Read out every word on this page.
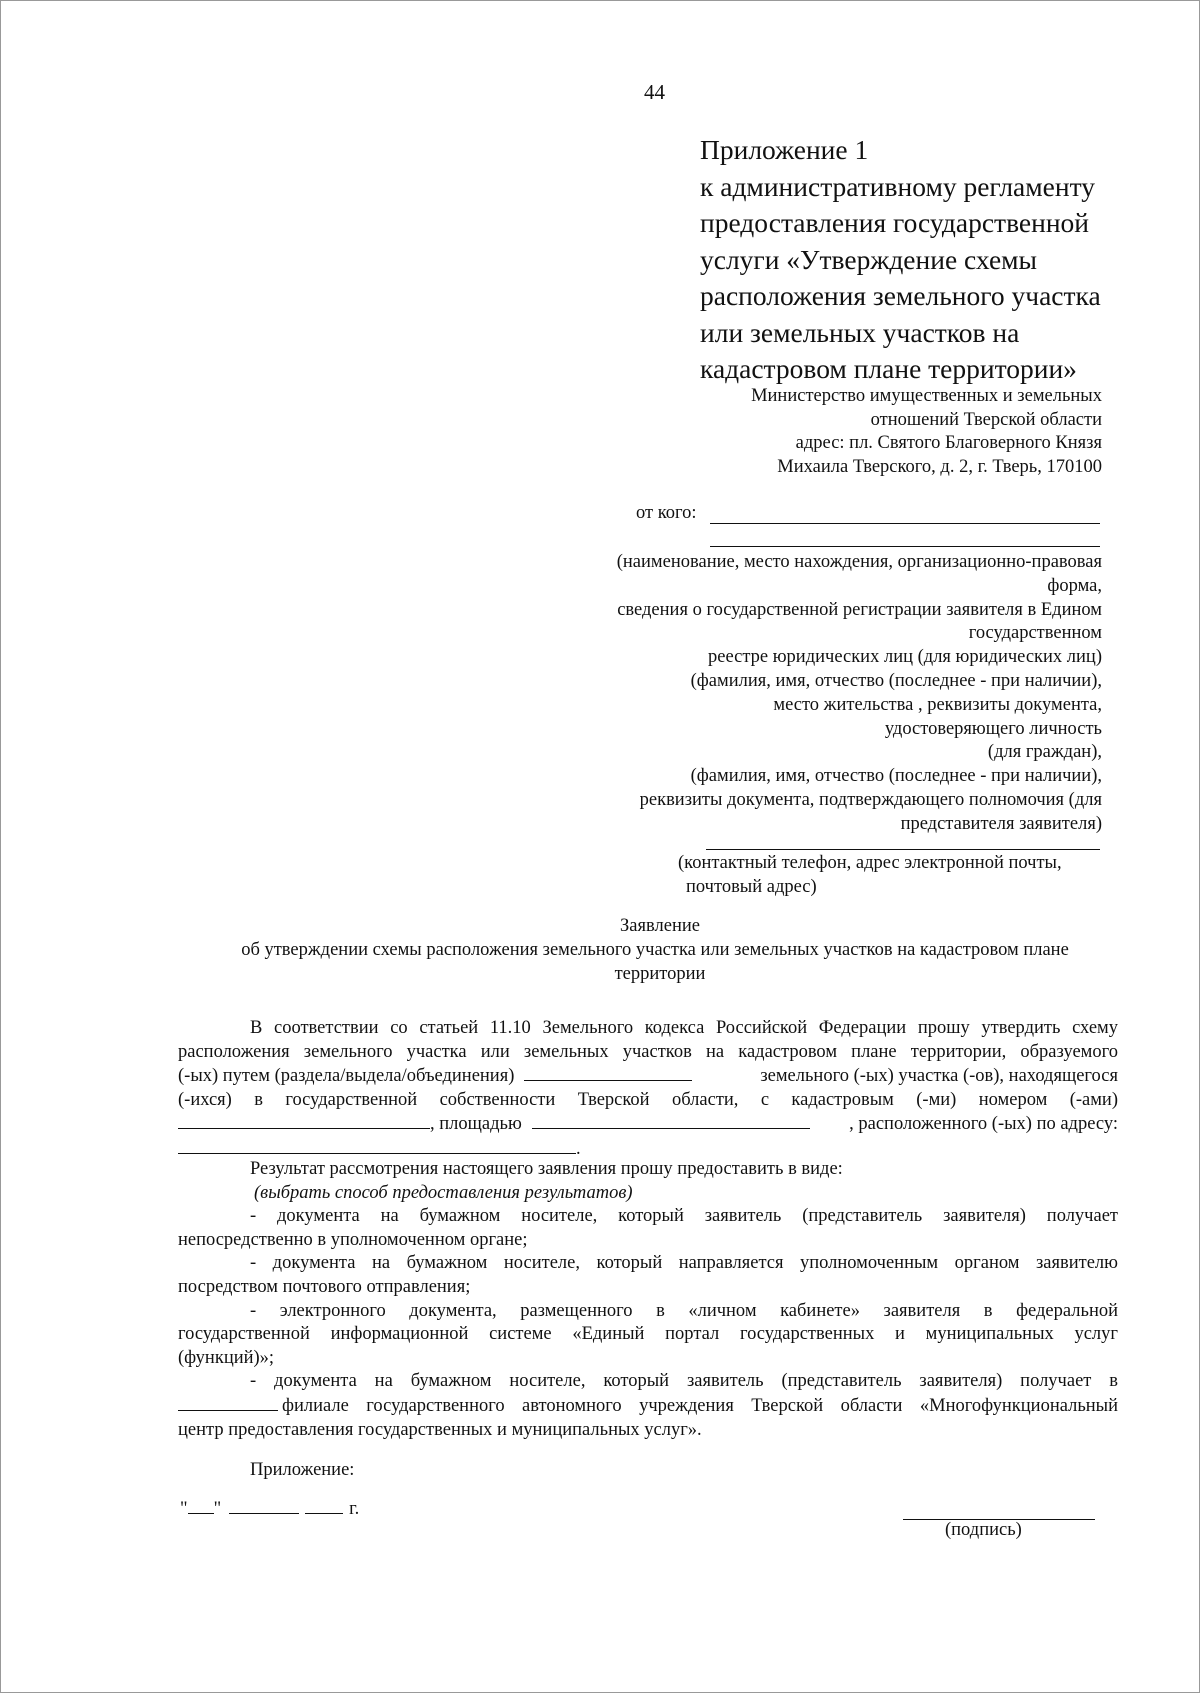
44
Приложение 1
к административному регламенту
предоставления государственной
услуги «Утверждение схемы
расположения земельного участка
или земельных участков на
кадастровом плане территории»
Министерство имущественных и земельных
отношений Тверской области
адрес: пл. Святого Благоверного Князя
Михаила Тверского, д. 2, г. Тверь, 170100
от кого:
(наименование, место нахождения, организационно-правовая
форма,
сведения о государственной регистрации заявителя в Едином
государственном
реестре юридических лиц (для юридических лиц)
(фамилия, имя, отчество (последнее - при наличии),
место жительства , реквизиты документа,
удостоверяющего личность
(для граждан),
(фамилия, имя, отчество (последнее - при наличии),
реквизиты документа, подтверждающего полномочия (для
представителя заявителя)
(контактный телефон, адрес электронной почты,
почтовый адрес)
Заявление
об утверждении схемы расположения земельного участка или земельных участков на кадастровом плане
территории
В соответствии со статьей 11.10 Земельного кодекса Российской Федерации прошу утвердить схему
расположения земельного участка или земельных участков на кадастровом плане территории, образуемого
(-ых) путем (раздела/выдела/объединения)	земельного (-ых) участка (-ов), находящегося
(-ихся) в государственной собственности Тверской области, с кадастровым (-ми) номером (-ами)
, площадью	, расположенного (-ых) по адресу:
.
Результат рассмотрения настоящего заявления прошу предоставить в виде:
(выбрать способ предоставления результатов)
- документа на бумажном носителе, который заявитель (представитель заявителя) получает
непосредственно в уполномоченном органе;
- документа на бумажном носителе, который направляется уполномоченным органом заявителю
посредством почтового отправления;
- электронного документа, размещенного в «личном кабинете» заявителя в федеральной
государственной информационной системе «Единый портал государственных и муниципальных услуг
(функций)»;
- документа на бумажном носителе, который заявитель (представитель заявителя) получает в
филиале государственного автономного учреждения Тверской области «Многофункциональный
центр предоставления государственных и муниципальных услуг».
Приложение:
" "	г.
(подпись)
